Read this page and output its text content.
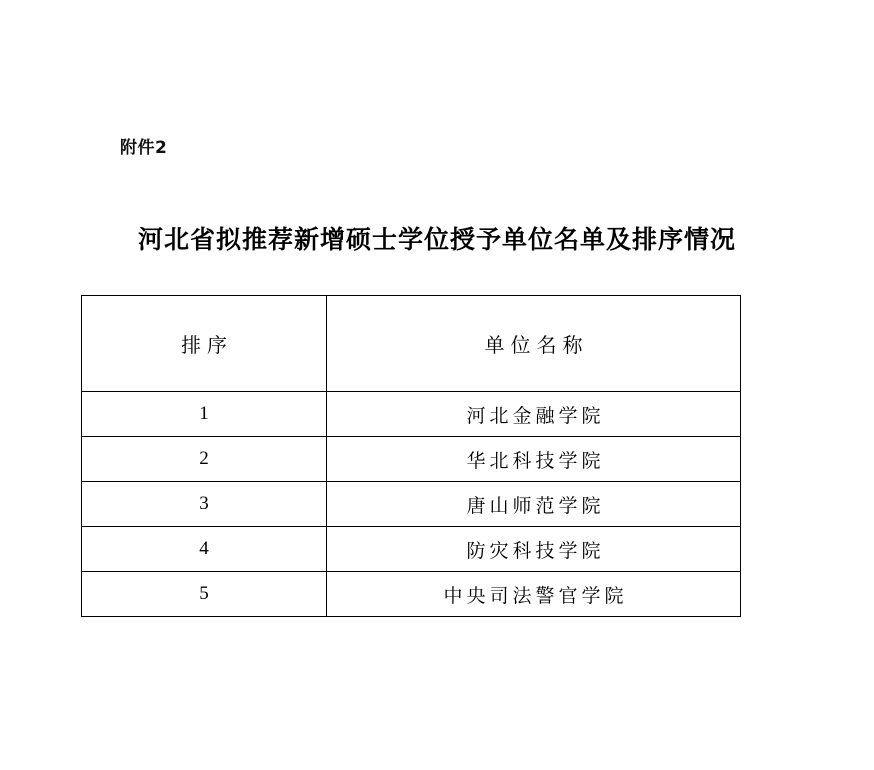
附件2
河北省拟推荐新增硕士学位授予单位名单及排序情况
排序	单位名称
1	河北金融学院
2	华北科技学院
3	唐山师范学院
4	防灾科技学院
5	中央司法警官学院
